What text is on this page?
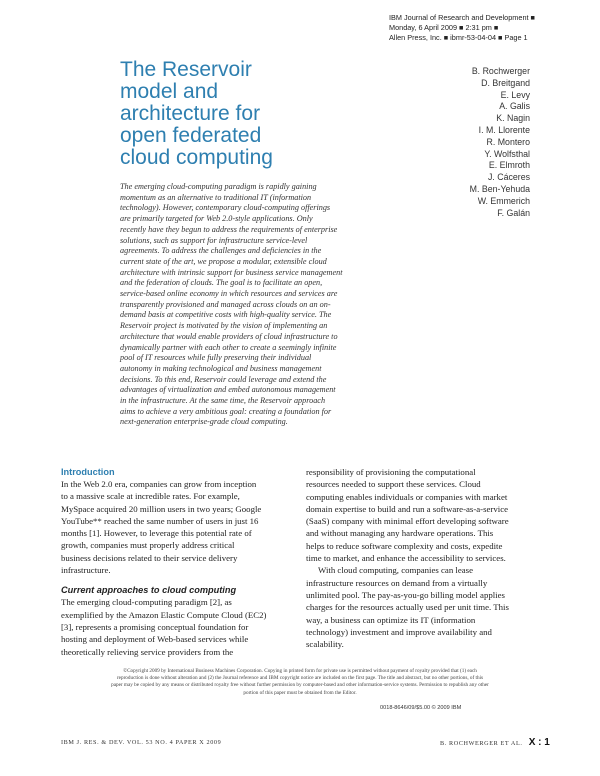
IBM Journal of Research and Development ■
Monday, 6 April 2009 ■ 2:31 pm ■
Allen Press, Inc. ■ ibmr-53-04-04 ■ Page 1
The Reservoir
model and
architecture for
open federated
cloud computing
B. Rochwerger
D. Breitgand
E. Levy
A. Galis
K. Nagin
I. M. Llorente
R. Montero
Y. Wolfsthal
E. Elmroth
J. Cáceres
M. Ben-Yehuda
W. Emmerich
F. Galán
The emerging cloud-computing paradigm is rapidly gaining
momentum as an alternative to traditional IT (information
technology). However, contemporary cloud-computing offerings
are primarily targeted for Web 2.0-style applications. Only
recently have they begun to address the requirements of enterprise
solutions, such as support for infrastructure service-level
agreements. To address the challenges and deficiencies in the
current state of the art, we propose a modular, extensible cloud
architecture with intrinsic support for business service management
and the federation of clouds. The goal is to facilitate an open,
service-based online economy in which resources and services are
transparently provisioned and managed across clouds on an on-
demand basis at competitive costs with high-quality service. The
Reservoir project is motivated by the vision of implementing an
architecture that would enable providers of cloud infrastructure to
dynamically partner with each other to create a seemingly infinite
pool of IT resources while fully preserving their individual
autonomy in making technological and business management
decisions. To this end, Reservoir could leverage and extend the
advantages of virtualization and embed autonomous management
in the infrastructure. At the same time, the Reservoir approach
aims to achieve a very ambitious goal: creating a foundation for
next-generation enterprise-grade cloud computing.
Introduction
In the Web 2.0 era, companies can grow from inception
to a massive scale at incredible rates. For example,
MySpace acquired 20 million users in two years; Google
YouTube** reached the same number of users in just 16
months [1]. However, to leverage this potential rate of
growth, companies must properly address critical
business decisions related to their service delivery
infrastructure.
Current approaches to cloud computing
The emerging cloud-computing paradigm [2], as
exemplified by the Amazon Elastic Compute Cloud (EC2)
[3], represents a promising conceptual foundation for
hosting and deployment of Web-based services while
theoretically relieving service providers from the
responsibility of provisioning the computational
resources needed to support these services. Cloud
computing enables individuals or companies with market
domain expertise to build and run a software-as-a-service
(SaaS) company with minimal effort developing software
and without managing any hardware operations. This
helps to reduce software complexity and costs, expedite
time to market, and enhance the accessibility to services.
With cloud computing, companies can lease
infrastructure resources on demand from a virtually
unlimited pool. The pay-as-you-go billing model applies
charges for the resources actually used per unit time. This
way, a business can optimize its IT (information
technology) investment and improve availability and
scalability.
©Copyright 2009 by International Business Machines Corporation. Copying in printed form for private use is permitted without payment of royalty provided that (1) each
reproduction is done without alteration and (2) the Journal reference and IBM copyright notice are included on the first page. The title and abstract, but no other portions, of this
paper may be copied by any means or distributed royalty free without further permission by computer-based and other information-service systems. Permission to republish any other
portion of this paper must be obtained from the Editor.
0018-8646/09/$5.00 © 2009 IBM
IBM J. RES. & DEV. VOL. 53 NO. 4 PAPER X 2009	B. ROCHWERGER ET AL. X : 1
